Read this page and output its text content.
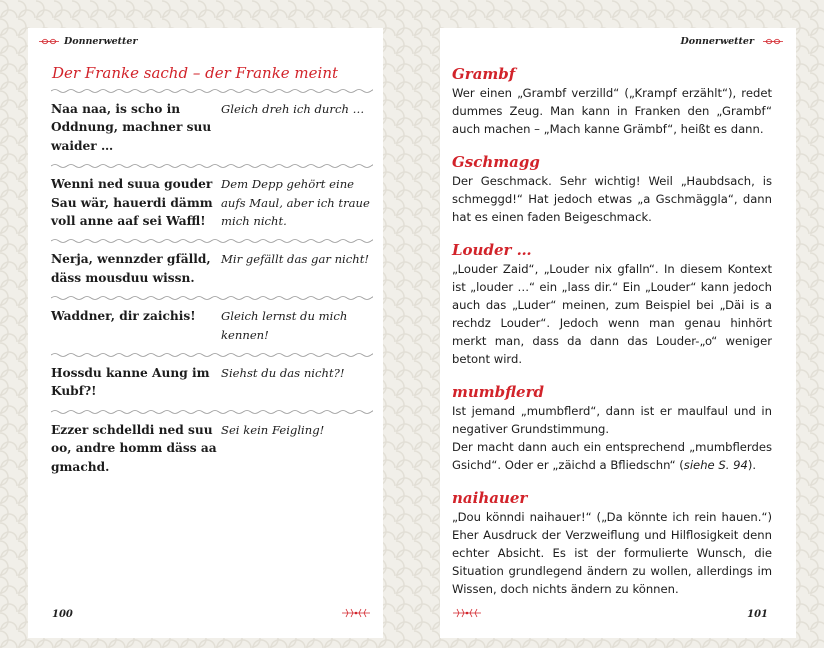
Donnerwetter
Der Franke sachd – der Franke meint
Naa naa, is scho in Oddnung, machner suu waider …
Gleich dreh ich durch …
Wenni ned suua gouder Sau wär, hauerdi dämm voll anne aaf sei Waffl!
Dem Depp gehört eine aufs Maul, aber ich traue mich nicht.
Nerja, wennzder gfälld, däss mousduu wissn.
Mir gefällt das gar nicht!
Waddner, dir zaichis!	Gleich lernst du mich kennen!
Hossdu kanne Aung im Kubf?!
Siehst du das nicht?!
Ezzer schdelldi ned suu oo, andre homm däss aa gmachd.
Sei kein Feigling!
100
Donnerwetter
Grambf

Wer einen „Grambf verzilld“ („Krampf erzählt“), redet dummes Zeug. Man kann in Franken den „Grambf“ auch machen – „Mach kanne Grämbf“, heißt es dann.

Gschmagg

Der Geschmack. Sehr wichtig! Weil „Haubdsach, is schmeggd!“ Hat jedoch etwas „a Gschmäggla“, dann hat es einen faden Beigeschmack.

Louder …

„Louder Zaid“, „Louder nix gfalln“. In diesem Kontext ist „louder …“ ein „lass dir.“ Ein „Louder“ kann jedoch auch das „Luder“ meinen, zum Beispiel bei „Däi is a rechdz Louder“. Jedoch wenn man genau hinhört merkt man, dass da dann das Louder-„o“ weniger betont wird.

mumbflerd

Ist jemand „mumbflerd“, dann ist er maulfaul und in negativer Grundstimmung.

Der macht dann auch ein entsprechend „mumbflerdes Gsichd“. Oder er „zäichd a Bfliedschn“ (siehe S. 94).

naihauer

„Dou könndi naihauer!“ („Da könnte ich rein hauen.“) Eher Ausdruck der Verzweiflung und Hilflosigkeit denn echter Absicht. Es ist der formulierte Wunsch, die Situation grundlegend ändern zu wollen, allerdings im Wissen, doch nichts ändern zu können.

101
